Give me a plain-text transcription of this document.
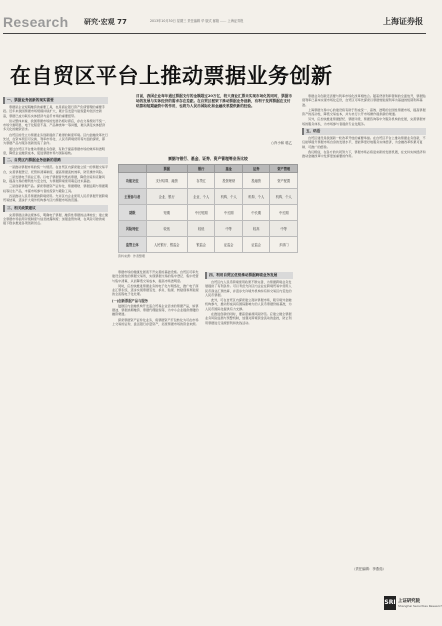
Research 研究·宏观 77	2013年10月30日 星期三 责任编辑 华 版式 邮箱 …… 上海证券报	上海证券报
在自贸区平台上推动票据业务创新
一、票据业务创新的现实需要

票据是企业短期融资的重要工具，也是商业银行资产负债管理的重要手段。近年来我国票据市场规模持续扩大，累计签发量与贴现量均创历史新高，票据已成为联系实体经济与货币市场的重要纽带。

但从整体来看，我国票据市场的发展仍相对滞后，存在交易规则不统一、市场分割明显、电子化程度不高、产品种类单一等问题，难以满足实体经济多元化的融资需求。

自贸区的设立为票据业务创新提供了难得的制度环境。区内金融改革先行先试，在资本项目可兑换、利率市场化、人民币跨境使用等方面的探索，都为票据产品与服务创新创造了条件。

通过自贸区平台推动票据业务创新，有助于提高票据市场的效率和透明度，降低企业融资成本，促进票据市场与国际接轨。

二、自贸区内票据业务创新的思路

一是推动票据市场的统一与规范。在自贸区内探索建立统一的票据交易平台，完善票据登记、托管和清算制度，提高票据流转效率，防范操作风险。

二是发展电子商业汇票。以电子票据替代纸质票据，降低伪造和克隆风险，提高交易的便利性与安全性，为票据跨境使用奠定技术基础。

三是创新票据产品。探索票据资产证券化、票据理财、票据远期与票据期权等衍生产品，丰富市场参与者的投资与避险工具。

四是推动人民币票据的跨境使用。允许区内企业使用人民币票据开展跨境贸易结算，逐步扩大境外机构参与区内票据市场的范围。

三、相关政策建议

完善票据法律法规体系，明确电子票据、融资性票据的法律地位；建立健全票据市场信用评级制度与信息披露制度；加强监管协调，在风险可控的前提下稳步推进各项创新试点。

目前，我国企业每年通过票据支付的金额超过20万亿，较大商业汇票未实现市场化的同时，票据市场的发展与实体经济的需求存在差距。在自贸区框架下推动票据业务创新，有利于发挥票据在支付结算和短期融资中的作用，也将为人民币国际化和金融改革提供新的经验。
○肖小和 骆乙
票据与银行、基金、证券、资产管理等业务比较
	票据	银行	基金	证券	资产管理
功能定位	支付结算、融资	存贷汇	投资理财	投融资	资产配置
主要参与者	企业、银行	企业、个人	机构、个人	机构、个人	机构、个人
期限	短期	中长短期	中长期	中长期	中长期
风险特征	较低	较低	中等	较高	中等
监管主体	人民银行、银监会	银监会	证监会	证监会	多部门
资料来源：作者整理

票据市场的健康发展离不开完善的基础设施。自贸区可率先建设全国性的票据交易所，实现票据交易的集中登记、集中托管与集中清算，从而降低交易成本，提高市场透明度。

同时，应加快推进票据业务的电子化与网络化，推广电子商业汇票系统，逐步实现票据签发、承兑、贴现、转贴现和再贴现的全流程电子化处理。

(一)创新票据产品与服务

鼓励区内金融机构开发适合贸易企业需求的票据产品，如票据池、票据质押融资、票据代理贴现等，为中小企业提供便捷的融资渠道。

探索票据资产证券化业务，将票据资产打包转化为可在市场上交易的证券，盘活银行存量资产，拓宽票据市场的资金来源。

四、利用自贸区优势推动票据跨境业务发展

自贸区内人民币跨境使用政策不断完善，为票据跨境业务发展提供了有利条件。可以考虑允许区内企业在跨境贸易中使用人民币商业汇票结算，并逐步允许境外机构持有和交易区内签发的人民币票据。

此外，可在自贸区内探索建立离岸票据市场，吸引境外金融机构参与，推动形成具有国际影响力的人民币票据价格基准，为人民币国际化提供有力支撑。

在推进创新的同时，要高度重视风险防范。应建立健全票据业务风险监测与预警机制，加强对跨境资金流动的监控，防止利用票据进行违规套利和洗钱活动。

票据业务创新还需要与利率市场化改革相结合。随着贷款利率管制的全面放开，票据贴现利率已基本实现市场化定价，自贸区可率先探索以票据转贴现利率为基础的短期利率基准。

上海票据交易中心的建设将有助于形成统一、高效、透明的全国性票据市场，提高票据资产的流动性，降低交易成本，并为央行公开市场操作提供新的渠道。

另外，应加快推进票据经纪、票据评级、票据咨询等中介服务机构的发展，完善票据市场的服务体系，为市场参与者提供专业化服务。

五、结语

自贸区建设是我国新一轮改革开放的重要举措。在自贸区平台上推动票据业务创新，不仅能够提升票据市场自身的发展水平，更能够更好地服务实体经济，为金融改革积累可复制、可推广的经验。

我们相信，在各方的共同努力下，票据市场必将迎来新的发展机遇，在支持实体经济和推动金融改革中发挥更加重要的作用。

（责任编辑：李燕茹）
SRI 上证研究院
Shanghai Securities Research
